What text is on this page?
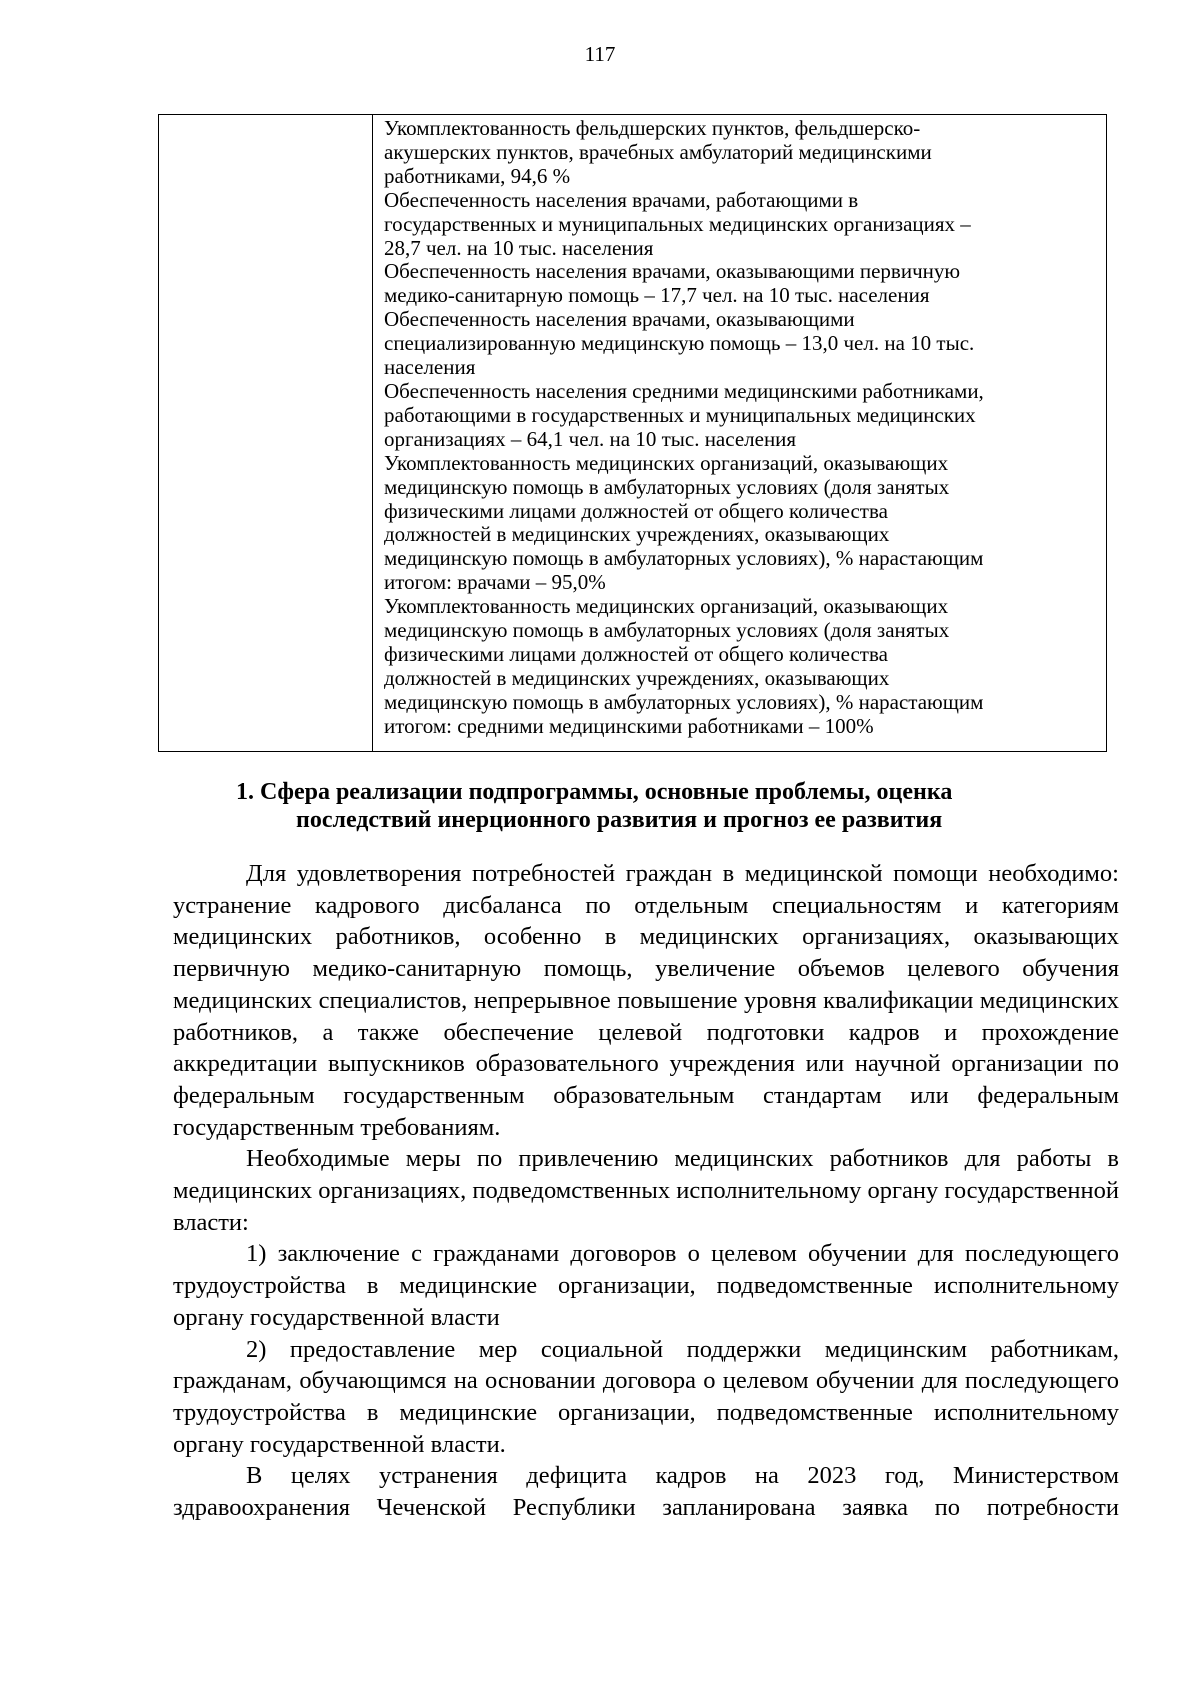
117

Укомплектованность фельдшерских пунктов, фельдшерско-

акушерских пунктов, врачебных амбулаторий медицинскими

работниками, 94,6 %

Обеспеченность населения врачами, работающими в

государственных и муниципальных медицинских организациях –

28,7 чел. на 10 тыс. населения

Обеспеченность населения врачами, оказывающими первичную

медико-санитарную помощь – 17,7 чел. на 10 тыс. населения

Обеспеченность населения врачами, оказывающими

специализированную медицинскую помощь – 13,0 чел. на 10 тыс.

населения

Обеспеченность населения средними медицинскими работниками,

работающими в государственных и муниципальных медицинских

организациях – 64,1 чел. на 10 тыс. населения

Укомплектованность медицинских организаций, оказывающих

медицинскую помощь в амбулаторных условиях (доля занятых

физическими лицами должностей от общего количества

должностей в медицинских учреждениях, оказывающих

медицинскую помощь в амбулаторных условиях), % нарастающим

итогом: врачами – 95,0%

Укомплектованность медицинских организаций, оказывающих

медицинскую помощь в амбулаторных условиях (доля занятых

физическими лицами должностей от общего количества

должностей в медицинских учреждениях, оказывающих

медицинскую помощь в амбулаторных условиях), % нарастающим

итогом: средними медицинскими работниками – 100%

1. Сфера реализации подпрограммы, основные проблемы, оценка
последствий инерционного развития и прогноз ее развития

Для удовлетворения потребностей граждан в медицинской помощи необходимо: устранение кадрового дисбаланса по отдельным специальностям и категориям медицинских работников, особенно в медицинских организациях, оказывающих первичную медико-санитарную помощь, увеличение объемов целевого обучения медицинских специалистов, непрерывное повышение уровня квалификации медицинских работников, а также обеспечение целевой подготовки кадров и прохождение аккредитации выпускников образовательного учреждения или научной организации по федеральным государственным образовательным стандартам или федеральным государственным требованиям.

Необходимые меры по привлечению медицинских работников для работы в медицинских организациях, подведомственных исполнительному органу государственной власти:

1) заключение с гражданами договоров о целевом обучении для последующего трудоустройства в медицинские организации, подведомственные исполнительному органу государственной власти

2) предоставление мер социальной поддержки медицинским работникам, гражданам, обучающимся на основании договора о целевом обучении для последующего трудоустройства в медицинские организации, подведомственные исполнительному органу государственной власти.

В целях устранения дефицита кадров на 2023 год, Министерством здравоохранения Чеченской Республики запланирована заявка по потребности
